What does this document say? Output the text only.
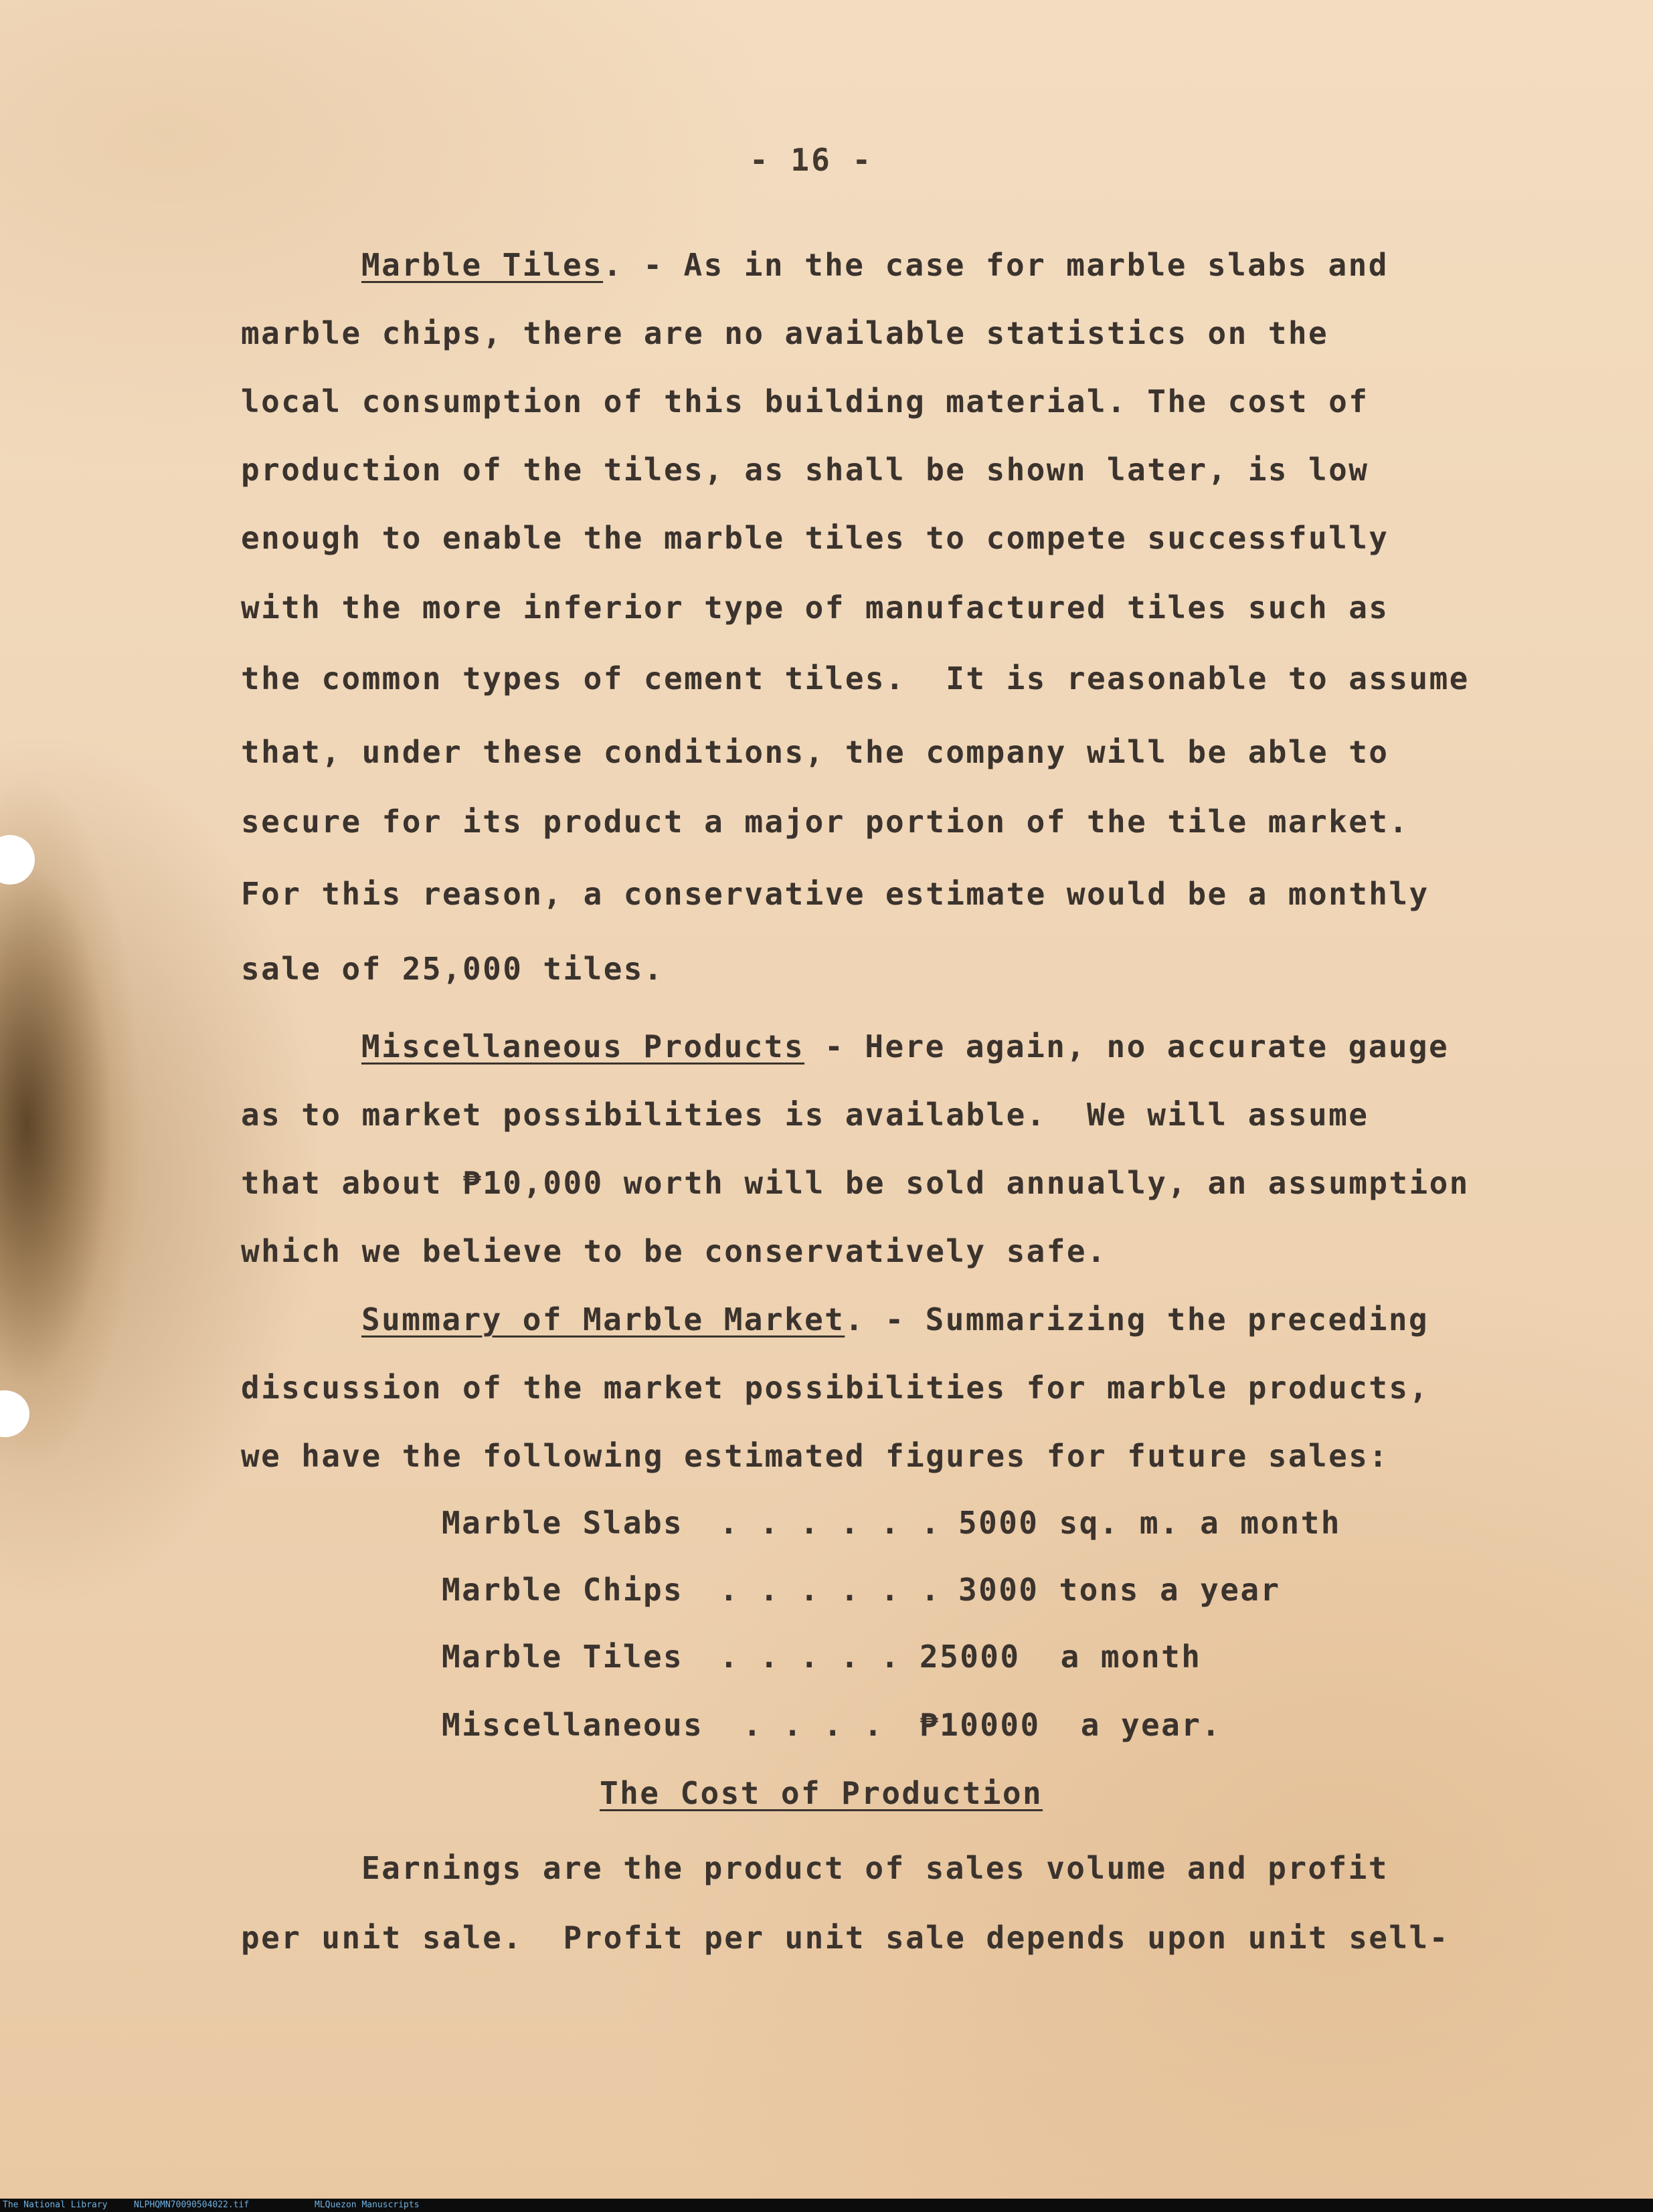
- 16 -
Marble Tiles. - As in the case for marble slabs and
marble chips, there are no available statistics on the
local consumption of this building material. The cost of
production of the tiles, as shall be shown later, is low
enough to enable the marble tiles to compete successfully
with the more inferior type of manufactured tiles such as
the common types of cement tiles.  It is reasonable to assume
that, under these conditions, the company will be able to
secure for its product a major portion of the tile market.
For this reason, a conservative estimate would be a monthly
sale of 25,000 tiles.
Miscellaneous Products - Here again, no accurate gauge
as to market possibilities is available.  We will assume
that about ₱10,000 worth will be sold annually, an assumption
which we believe to be conservatively safe.
Summary of Marble Market. - Summarizing the preceding
discussion of the market possibilities for marble products,
we have the following estimated figures for future sales:
Marble Slabs . . . . . . 5000 sq. m. a month
Marble Chips . . . . . . 3000 tons a year
Marble Tiles . . . . . 25000  a month
Miscellaneous . . . . ₱10000  a year.
The Cost of Production
Earnings are the product of sales volume and profit
per unit sale.  Profit per unit sale depends upon unit sell-
The National Library	NLPHQMN70090504022.tif	MLQuezon Manuscripts
